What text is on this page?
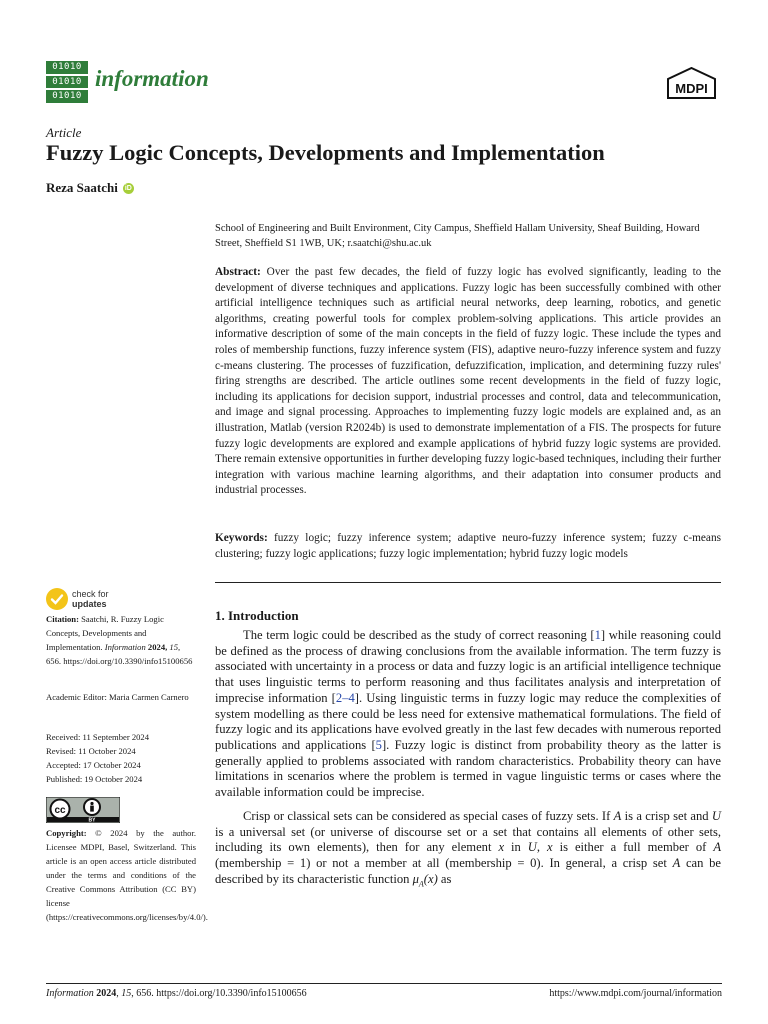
01010
01010
01010
information	MDPI
Article
Fuzzy Logic Concepts, Developments and Implementation
Reza Saatchi iD
School of Engineering and Built Environment, City Campus, Sheffield Hallam University, Sheaf Building, Howard Street, Sheffield S1 1WB, UK; r.saatchi@shu.ac.uk
Abstract: Over the past few decades, the field of fuzzy logic has evolved significantly, leading to the development of diverse techniques and applications. Fuzzy logic has been successfully combined with other artificial intelligence techniques such as artificial neural networks, deep learning, robotics, and genetic algorithms, creating powerful tools for complex problem-solving applications. This article provides an informative description of some of the main concepts in the field of fuzzy logic. These include the types and roles of membership functions, fuzzy inference system (FIS), adaptive neuro-fuzzy inference system and fuzzy c-means clustering. The processes of fuzzification, defuzzification, implication, and determining fuzzy rules' firing strengths are described. The article outlines some recent developments in the field of fuzzy logic, including its applications for decision support, industrial processes and control, data and telecommunication, and image and signal processing. Approaches to implementing fuzzy logic models are explained and, as an illustration, Matlab (version R2024b) is used to demonstrate implementation of a FIS. The prospects for future fuzzy logic developments are explored and example applications of hybrid fuzzy logic systems are provided. There remain extensive opportunities in further developing fuzzy logic-based techniques, including their further integration with various machine learning algorithms, and their adaptation into consumer products and industrial processes.
Keywords: fuzzy logic; fuzzy inference system; adaptive neuro-fuzzy inference system; fuzzy c-means clustering; fuzzy logic applications; fuzzy logic implementation; hybrid fuzzy logic models
1. Introduction

The term logic could be described as the study of correct reasoning [1] while reasoning could be defined as the process of drawing conclusions from the available information. The term fuzzy is associated with uncertainty in a process or data and fuzzy logic is an artificial intelligence technique that uses linguistic terms to perform reasoning and thus facilitates analysis and interpretation of imprecise information [2–4]. Using linguistic terms in fuzzy logic may reduce the complexities of system modelling as there could be less need for extensive mathematical formulations. The field of fuzzy logic and its applications have evolved greatly in the last few decades with numerous reported publications and applications [5]. Fuzzy logic is distinct from probability theory as the latter is generally applied to problems associated with random characteristics. Probability theory can have limitations in scenarios where the problem is termed in vague linguistic terms or cases where the available information could be imprecise.

Crisp or classical sets can be considered as special cases of fuzzy sets. If A is a crisp set and U is a universal set (or universe of discourse set or a set that contains all elements of other sets, including its own elements), then for any element x in U, x is either a full member of A (membership = 1) or not a member at all (membership = 0). In general, a crisp set A can be described by its characteristic function $\mu_A(x)$ as

check for
updates
Citation: Saatchi, R. Fuzzy Logic Concepts, Developments and Implementation. Information 2024, 15, 656. https://doi.org/10.3390/info15100656
Academic Editor: Maria Carmen Carnero
Received: 11 September 2024
Revised: 11 October 2024
Accepted: 17 October 2024
Published: 19 October 2024
cc
BY
Copyright: © 2024 by the author. Licensee MDPI, Basel, Switzerland. This article is an open access article distributed under the terms and conditions of the Creative Commons Attribution (CC BY) license (https://creativecommons.org/licenses/by/4.0/).
Information 2024, 15, 656. https://doi.org/10.3390/info15100656	https://www.mdpi.com/journal/information
